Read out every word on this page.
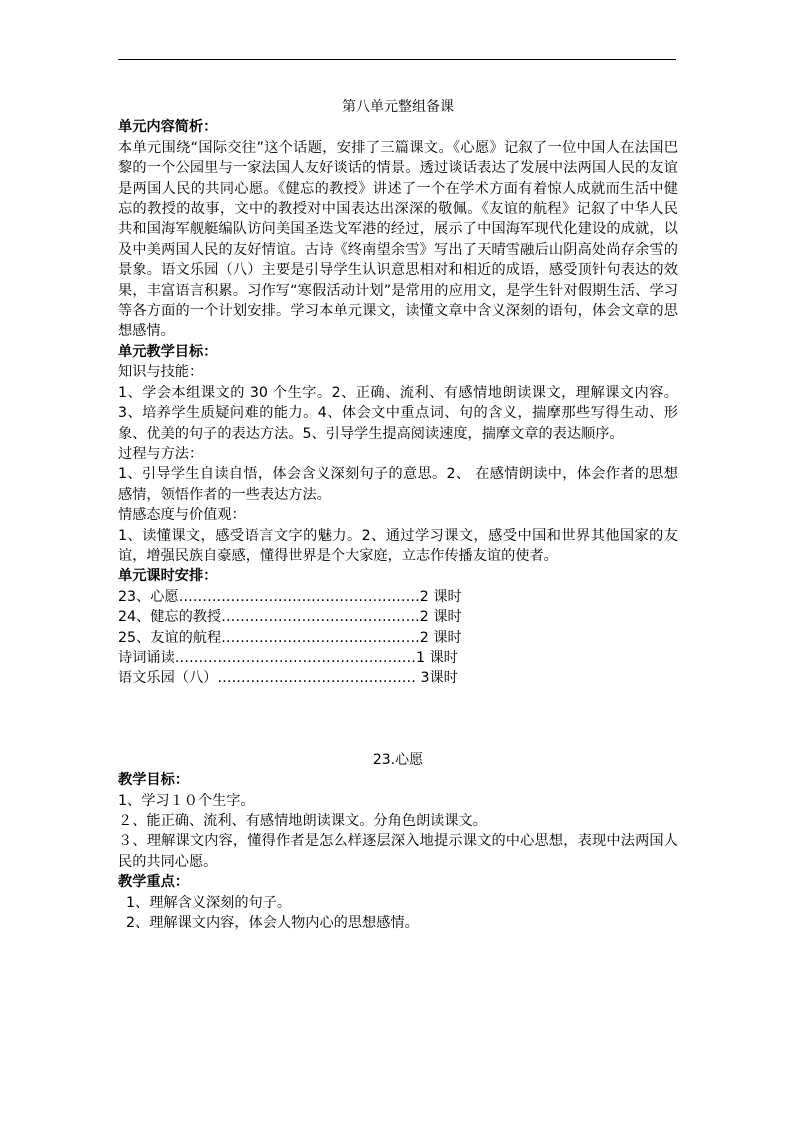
第八单元整组备课

单元内容简析：

本单元围绕“国际交往”这个话题，安排了三篇课文。《心愿》记叙了一位中国人在法国巴黎的一个公园里与一家法国人友好谈话的情景。透过谈话表达了发展中法两国人民的友谊是两国人民的共同心愿。《健忘的教授》讲述了一个在学术方面有着惊人成就而生活中健忘的教授的故事，文中的教授对中国表达出深深的敬佩。《友谊的航程》记叙了中华人民共和国海军舰艇编队访问美国圣迭戈军港的经过，展示了中国海军现代化建设的成就，以及中美两国人民的友好情谊。古诗《终南望余雪》写出了天晴雪融后山阴高处尚存余雪的景象。语文乐园（八）主要是引导学生认识意思相对和相近的成语，感受顶针句表达的效果，丰富语言积累。习作写“寒假活动计划”是常用的应用文，是学生针对假期生活、学习等各方面的一个计划安排。学习本单元课文，读懂文章中含义深刻的语句，体会文章的思想感情。

单元教学目标：

知识与技能：

1、学会本组课文的 30 个生字。2、正确、流利、有感情地朗读课文，理解课文内容。3、培养学生质疑问难的能力。4、体会文中重点词、句的含义，揣摩那些写得生动、形象、优美的句子的表达方法。5、引导学生提高阅读速度，揣摩文章的表达顺序。

过程与方法：

1、引导学生自读自悟，体会含义深刻句子的意思。2、 在感情朗读中，体会作者的思想感情，领悟作者的一些表达方法。

情感态度与价值观：

1、读懂课文，感受语言文字的魅力。2、通过学习课文，感受中国和世界其他国家的友谊，增强民族自豪感，懂得世界是个大家庭，立志作传播友谊的使者。

单元课时安排：

23、心愿……………………………………………2 课时

24、健忘的教授……………………………………2 课时

25、友谊的航程……………………………………2 课时

诗词诵读……………………………………………1 课时

语文乐园（八）…………………………………… 3课时

23.心愿

教学目标：

1、学习１０个生字。

２、能正确、流利、有感情地朗读课文。分角色朗读课文。

３、理解课文内容，懂得作者是怎么样逐层深入地提示课文的中心思想，表现中法两国人民的共同心愿。

教学重点：

1、理解含义深刻的句子。

2、理解课文内容，体会人物内心的思想感情。
